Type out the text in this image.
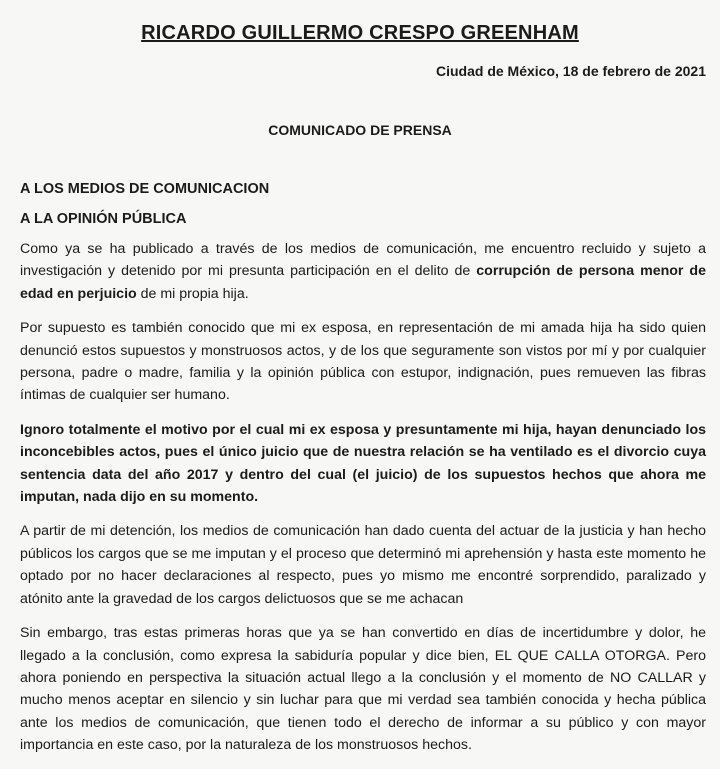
RICARDO GUILLERMO CRESPO GREENHAM
Ciudad de México, 18 de febrero de 2021
COMUNICADO DE PRENSA
A LOS MEDIOS DE COMUNICACION
A LA OPINIÓN PÚBLICA

Como ya se ha publicado a través de los medios de comunicación, me encuentro recluido y sujeto a investigación y detenido por mi presunta participación en el delito de corrupción de persona menor de edad en perjuicio de mi propia hija.

Por supuesto es también conocido que mi ex esposa, en representación de mi amada hija ha sido quien denunció estos supuestos y monstruosos actos, y de los que seguramente son vistos por mí y por cualquier persona, padre o madre, familia y la opinión pública con estupor, indignación, pues remueven las fibras íntimas de cualquier ser humano.

Ignoro totalmente el motivo por el cual mi ex esposa y presuntamente mi hija, hayan denunciado los inconcebibles actos, pues el único juicio que de nuestra relación se ha ventilado es el divorcio cuya sentencia data del año 2017 y dentro del cual (el juicio) de los supuestos hechos que ahora me imputan, nada dijo en su momento.

A partir de mi detención, los medios de comunicación han dado cuenta del actuar de la justicia y han hecho públicos los cargos que se me imputan y el proceso que determinó mi aprehensión y hasta este momento he optado por no hacer declaraciones al respecto, pues yo mismo me encontré sorprendido, paralizado y atónito ante la gravedad de los cargos delictuosos que se me achacan

Sin embargo, tras estas primeras horas que ya se han convertido en días de incertidumbre y dolor, he llegado a la conclusión, como expresa la sabiduría popular y dice bien, EL QUE CALLA OTORGA. Pero ahora poniendo en perspectiva la situación actual llego a la conclusión y el momento de NO CALLAR y mucho menos aceptar en silencio y sin luchar para que mi verdad sea también conocida y hecha pública ante los medios de comunicación, que tienen todo el derecho de informar a su público y con mayor importancia en este caso, por la naturaleza de los monstruosos hechos.
